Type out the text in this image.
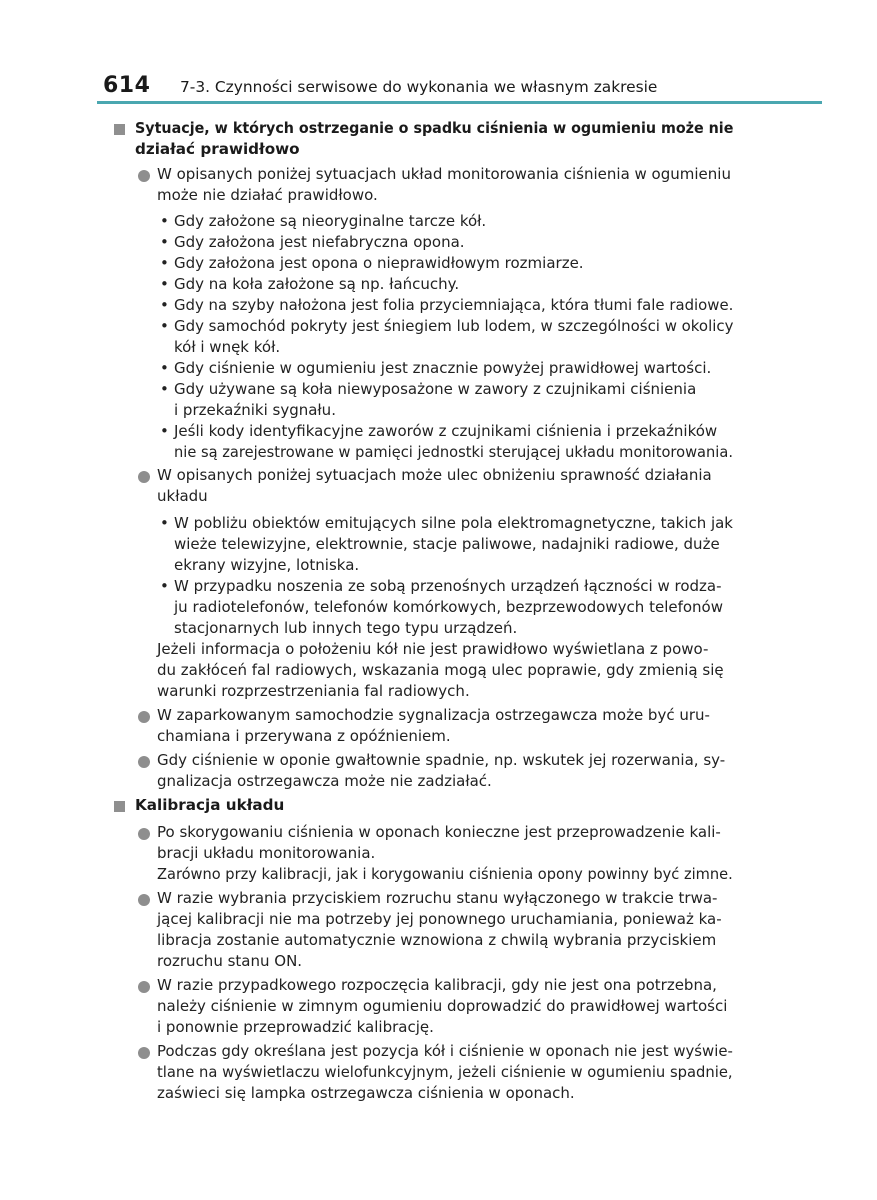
614 7-3. Czynności serwisowe do wykonania we własnym zakresie
Sytuacje, w których ostrzeganie o spadku ciśnienia w ogumieniu może nie
działać prawidłowo
W opisanych poniżej sytuacjach układ monitorowania ciśnienia w ogumieniu
może nie działać prawidłowo.
• Gdy założone są nieoryginalne tarcze kół.
• Gdy założona jest niefabryczna opona.
• Gdy założona jest opona o nieprawidłowym rozmiarze.
• Gdy na koła założone są np. łańcuchy.
• Gdy na szyby nałożona jest folia przyciemniająca, która tłumi fale radiowe.
• Gdy samochód pokryty jest śniegiem lub lodem, w szczególności w okolicy
kół i wnęk kół.
• Gdy ciśnienie w ogumieniu jest znacznie powyżej prawidłowej wartości.
• Gdy używane są koła niewyposażone w zawory z czujnikami ciśnienia
i przekaźniki sygnału.
• Jeśli kody identyfikacyjne zaworów z czujnikami ciśnienia i przekaźników
nie są zarejestrowane w pamięci jednostki sterującej układu monitorowania.
W opisanych poniżej sytuacjach może ulec obniżeniu sprawność działania
układu
• W pobliżu obiektów emitujących silne pola elektromagnetyczne, takich jak
wieże telewizyjne, elektrownie, stacje paliwowe, nadajniki radiowe, duże
ekrany wizyjne, lotniska.
• W przypadku noszenia ze sobą przenośnych urządzeń łączności w rodza-
ju radiotelefonów, telefonów komórkowych, bezprzewodowych telefonów
stacjonarnych lub innych tego typu urządzeń.
Jeżeli informacja o położeniu kół nie jest prawidłowo wyświetlana z powo-
du zakłóceń fal radiowych, wskazania mogą ulec poprawie, gdy zmienią się
warunki rozprzestrzeniania fal radiowych.
W zaparkowanym samochodzie sygnalizacja ostrzegawcza może być uru-
chamiana i przerywana z opóźnieniem.
Gdy ciśnienie w oponie gwałtownie spadnie, np. wskutek jej rozerwania, sy-
gnalizacja ostrzegawcza może nie zadziałać.
Kalibracja układu
Po skorygowaniu ciśnienia w oponach konieczne jest przeprowadzenie kali-
bracji układu monitorowania.
Zarówno przy kalibracji, jak i korygowaniu ciśnienia opony powinny być zimne.
W razie wybrania przyciskiem rozruchu stanu wyłączonego w trakcie trwa-
jącej kalibracji nie ma potrzeby jej ponownego uruchamiania, ponieważ ka-
libracja zostanie automatycznie wznowiona z chwilą wybrania przyciskiem
rozruchu stanu ON.
W razie przypadkowego rozpoczęcia kalibracji, gdy nie jest ona potrzebna,
należy ciśnienie w zimnym ogumieniu doprowadzić do prawidłowej wartości
i ponownie przeprowadzić kalibrację.
Podczas gdy określana jest pozycja kół i ciśnienie w oponach nie jest wyświe-
tlane na wyświetlaczu wielofunkcyjnym, jeżeli ciśnienie w ogumieniu spadnie,
zaświeci się lampka ostrzegawcza ciśnienia w oponach.
